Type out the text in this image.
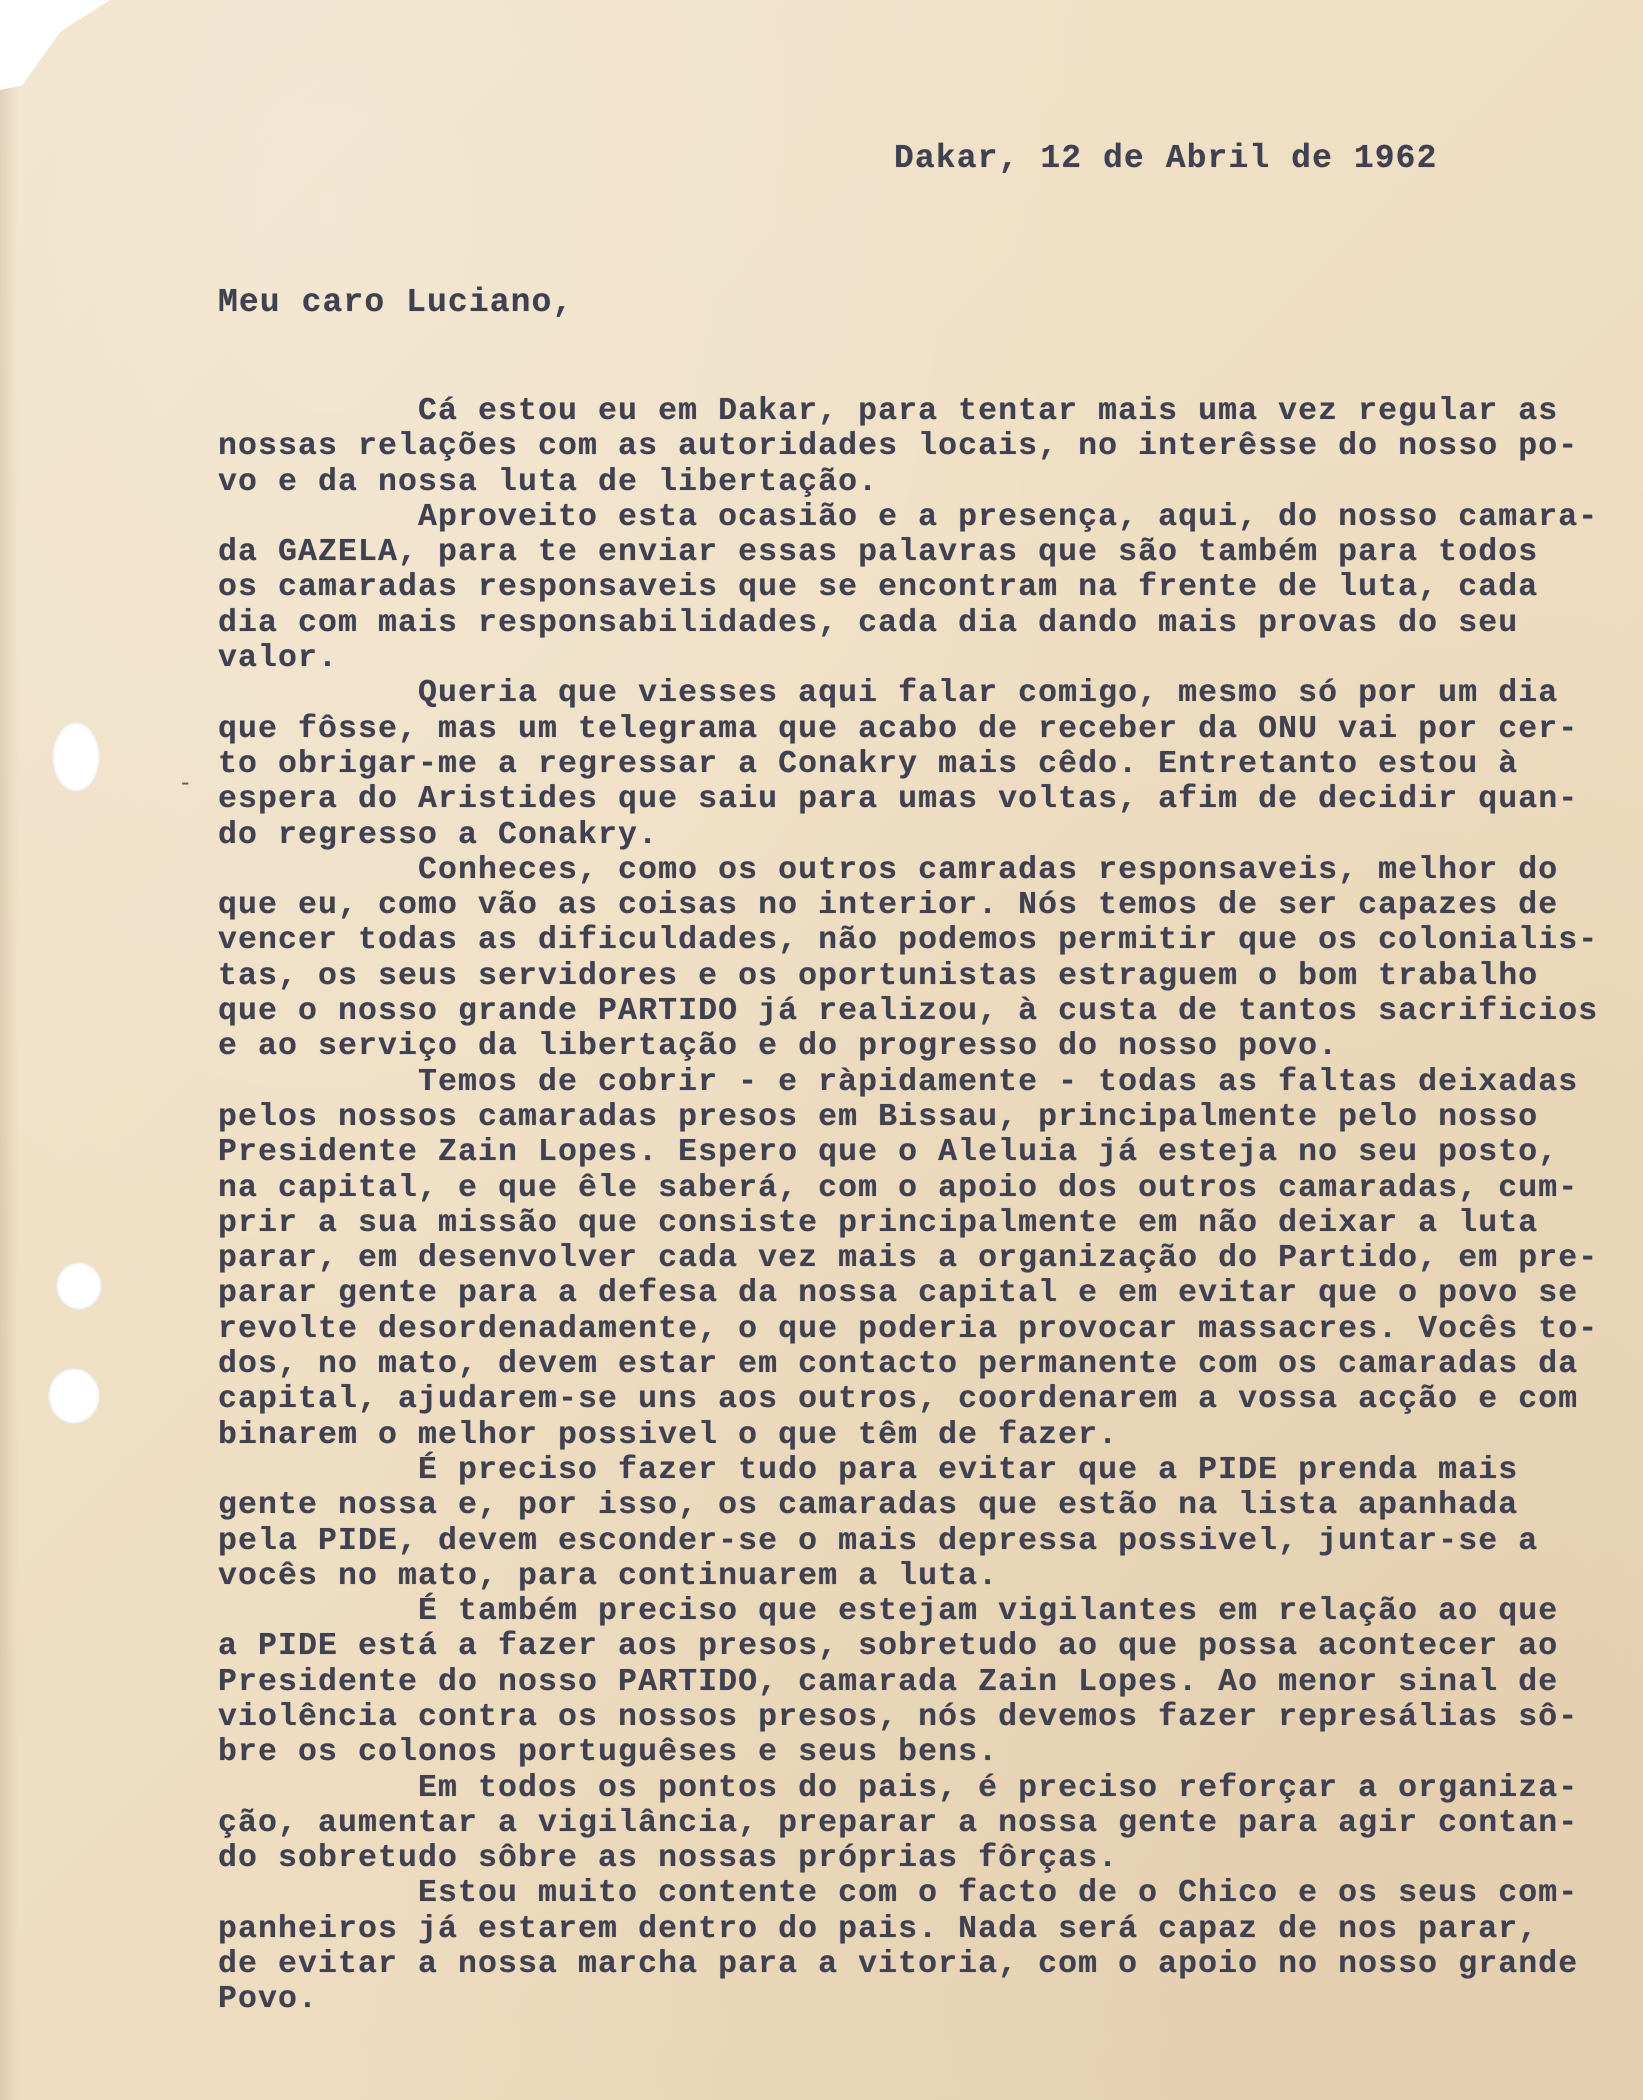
-
Dakar, 12 de Abril de 1962
Meu caro Luciano,
Cá estou eu em Dakar, para tentar mais uma vez regular as
nossas relações com as autoridades locais, no interêsse do nosso po-
vo e da nossa luta de libertação.
Aproveito esta ocasião e a presença, aqui, do nosso camara-
da GAZELA, para te enviar essas palavras que são também para todos
os camaradas responsaveis que se encontram na frente de luta, cada
dia com mais responsabilidades, cada dia dando mais provas do seu
valor.
Queria que viesses aqui falar comigo, mesmo só por um dia
que fôsse, mas um telegrama que acabo de receber da ONU vai por cer-
to obrigar-me a regressar a Conakry mais cêdo. Entretanto estou à
espera do Aristides que saiu para umas voltas, afim de decidir quan-
do regresso a Conakry.
Conheces, como os outros camradas responsaveis, melhor do
que eu, como vão as coisas no interior. Nós temos de ser capazes de
vencer todas as dificuldades, não podemos permitir que os colonialis-
tas, os seus servidores e os oportunistas estraguem o bom trabalho
que o nosso grande PARTIDO já realizou, à custa de tantos sacrificios
e ao serviço da libertação e do progresso do nosso povo.
Temos de cobrir - e ràpidamente - todas as faltas deixadas
pelos nossos camaradas presos em Bissau, principalmente pelo nosso
Presidente Zain Lopes. Espero que o Aleluia já esteja no seu posto,
na capital, e que êle saberá, com o apoio dos outros camaradas, cum-
prir a sua missão que consiste principalmente em não deixar a luta
parar, em desenvolver cada vez mais a organização do Partido, em pre-
parar gente para a defesa da nossa capital e em evitar que o povo se
revolte desordenadamente, o que poderia provocar massacres. Vocês to-
dos, no mato, devem estar em contacto permanente com os camaradas da
capital, ajudarem-se uns aos outros, coordenarem a vossa acção e com
binarem o melhor possivel o que têm de fazer.
É preciso fazer tudo para evitar que a PIDE prenda mais
gente nossa e, por isso, os camaradas que estão na lista apanhada
pela PIDE, devem esconder-se o mais depressa possivel, juntar-se a
vocês no mato, para continuarem a luta.
É também preciso que estejam vigilantes em relação ao que
a PIDE está a fazer aos presos, sobretudo ao que possa acontecer ao
Presidente do nosso PARTIDO, camarada Zain Lopes. Ao menor sinal de
violência contra os nossos presos, nós devemos fazer represálias sô-
bre os colonos portuguêses e seus bens.
Em todos os pontos do pais, é preciso reforçar a organiza-
ção, aumentar a vigilância, preparar a nossa gente para agir contan-
do sobretudo sôbre as nossas próprias fôrças.
Estou muito contente com o facto de o Chico e os seus com-
panheiros já estarem dentro do pais. Nada será capaz de nos parar,
de evitar a nossa marcha para a vitoria, com o apoio no nosso grande
Povo.
